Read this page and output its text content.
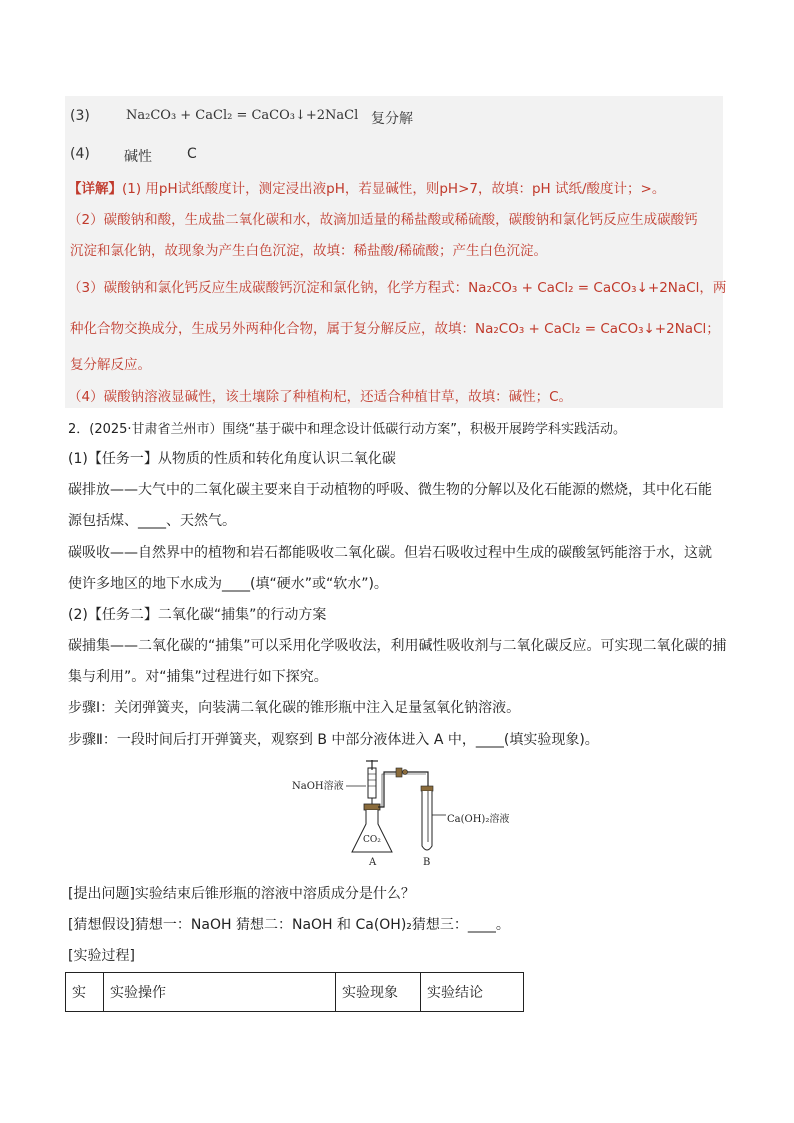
(3)	Na₂CO₃ + CaCl₂ = CaCO₃↓+2NaCl 复分解
(4) 碱性	C
【详解】(1) 用pH试纸酸度计，测定浸出液pH，若显碱性，则pH>7，故填：pH 试纸/酸度计；>。
（2）碳酸钠和酸，生成盐二氧化碳和水，故滴加适量的稀盐酸或稀硫酸，碳酸钠和氯化钙反应生成碳酸钙
沉淀和氯化钠，故现象为产生白色沉淀，故填：稀盐酸/稀硫酸；产生白色沉淀。
（3）碳酸钠和氯化钙反应生成碳酸钙沉淀和氯化钠，化学方程式：Na₂CO₃ + CaCl₂ = CaCO₃↓+2NaCl，两
种化合物交换成分，生成另外两种化合物，属于复分解反应，故填：Na₂CO₃ + CaCl₂ = CaCO₃↓+2NaCl；
复分解反应。
（4）碳酸钠溶液显碱性，该土壤除了种植枸杞，还适合种植甘草，故填：碱性；C。
2．(2025·甘肃省兰州市）围绕“基于碳中和理念设计低碳行动方案”，积极开展跨学科实践活动。
(1)【任务一】从物质的性质和转化角度认识二氧化碳
碳排放——大气中的二氧化碳主要来自于动植物的呼吸、微生物的分解以及化石能源的燃烧，其中化石能
源包括煤、____、天然气。
碳吸收——自然界中的植物和岩石都能吸收二氧化碳。但岩石吸收过程中生成的碳酸氢钙能溶于水，这就
使许多地区的地下水成为____(填“硬水”或“软水”)。
(2)【任务二】二氧化碳“捕集”的行动方案
碳捕集——二氧化碳的“捕集”可以采用化学吸收法，利用碱性吸收剂与二氧化碳反应。可实现二氧化碳的捕
集与利用”。对“捕集”过程进行如下探究。
步骤Ⅰ：关闭弹簧夹，向装满二氧化碳的锥形瓶中注入足量氢氧化钠溶液。
步骤Ⅱ：一段时间后打开弹簧夹，观察到 B 中部分液体进入 A 中，____(填实验现象)。
NaOH溶液
CO₂
Ca(OH)₂溶液
A	B
[提出问题]实验结束后锥形瓶的溶液中溶质成分是什么？
[猜想假设]猜想一：NaOH 猜想二：NaOH 和 Ca(OH)₂猜想三：____。
[实验过程]
实	实验操作	实验现象	实验结论
